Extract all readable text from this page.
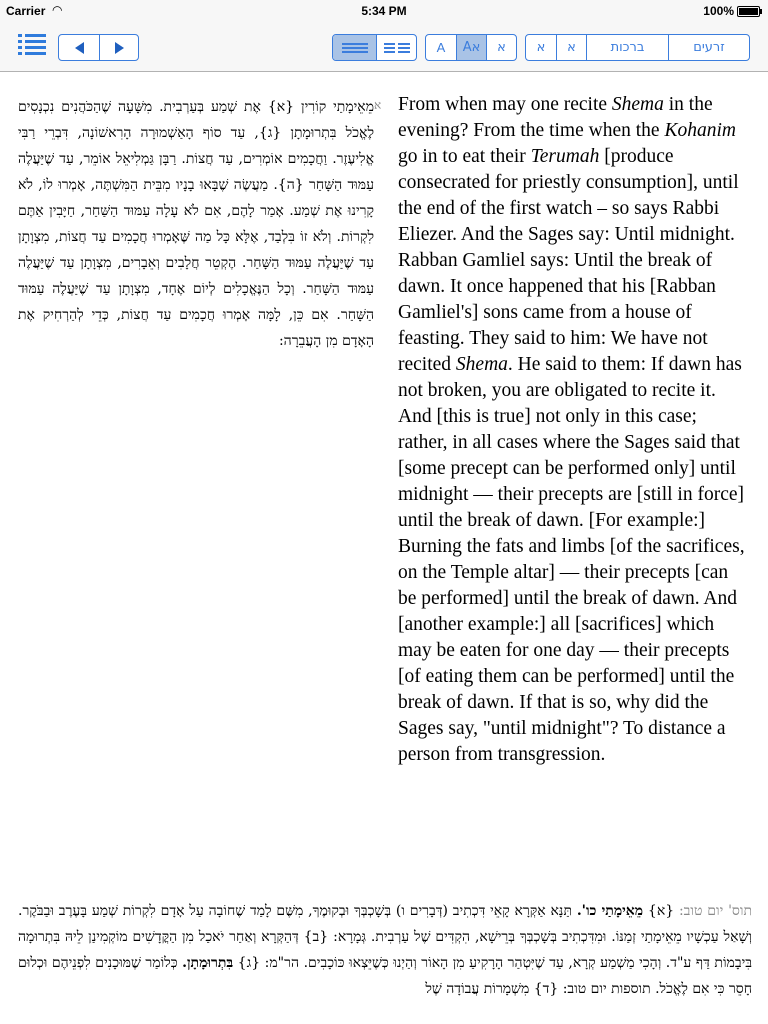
Carrier ◠	5:34 PM	100%
A	Aא	א	א	א	ברכות	זרעים
From when may one recite Shema in the evening? From the time when the Kohanim go in to eat their Terumah [produce consecrated for priestly consumption], until the end of the first watch – so says Rabbi Eliezer. And the Sages say: Until midnight. Rabban Gamliel says: Until the break of dawn. It once happened that his [Rabban Gamliel's] sons came from a house of feasting. They said to him: We have not recited Shema. He said to them: If dawn has not broken, you are obligated to recite it. And [this is true] not only in this case; rather, in all cases where the Sages said that [some precept can be performed only] until midnight — their precepts are [still in force] until the break of dawn. [For example:] Burning the fats and limbs [of the sacrifices, on the Temple altar] — their precepts [can be performed] until the break of dawn. And [another example:] all [sacrifices] which may be eaten for one day — their precepts [of eating them can be performed] until the break of dawn. If that is so, why did the Sages say, "until midnight"? To distance a person from transgression.
א
מֵאֵימָתַי קוֹרִין {א} אֶת שְׁמַע בְּעַרְבִית. מִשָּׁעָה שֶׁהַכֹּהֲנִים נִכְנָסִים לֶאֱכֹל בִּתְרוּמָתָן {ג}, עַד סוֹף הָאַשְׁמוּרָה הָרִאשׁוֹנָה, דִּבְרֵי רַבִּי אֱלִיעֶזֶר. וַחֲכָמִים אוֹמְרִים, עַד חֲצוֹת. רַבָּן גַּמְלִיאֵל אוֹמֵר, עַד שֶׁיַּעֲלֶה עַמּוּד הַשָּׁחַר {ה}. מַעֲשֶׂה שֶׁבָּאוּ בָנָיו מִבֵּית הַמִּשְׁתֶּה, אָמְרוּ לוֹ, לֹא קָרִינוּ אֶת שְׁמַע. אָמַר לָהֶם, אִם לֹא עָלָה עַמּוּד הַשַּׁחַר, חַיָּבִין אַתֶּם לִקְרוֹת. וְלֹא זוֹ בִּלְבַד, אֶלָּא כָּל מַה שֶּׁאָמְרוּ חֲכָמִים עַד חֲצוֹת, מִצְוָתָן עַד שֶׁיַּעֲלֶה עַמּוּד הַשָּׁחַר. הֶקְטֵר חֲלָבִים וְאֵבָרִים, מִצְוָתָן עַד שֶׁיַּעֲלֶה עַמּוּד הַשָּׁחַר. וְכָל הַנֶּאֱכָלִים לְיוֹם אֶחָד, מִצְוָתָן עַד שֶׁיַּעֲלֶה עַמּוּד הַשָּׁחַר. אִם כֵּן, לָמָּה אָמְרוּ חֲכָמִים עַד חֲצוֹת, כְּדֵי לְהַרְחִיק אֶת הָאָדָם מִן הָעֲבֵרָה:
תוס' יום טוב: {א} מֵאֵימָתַי כו'. תַּנָּא אַקְּרָא קָאֵי דִּכְתִיב (דְּבָרִים ו) בְּשָׁכְבְּךָ וּבְקוּמֶךָ, מִשֶּׁם לָמַד שֶׁחוֹבָה עַל אָדָם לִקְרוֹת שְׁמַע בָּעֶרֶב וּבַבֹּקֶר. וְשָׁאַל עַכְשָׁיו מֵאֵימָתַי זְמַנּוֹ. וּמִדִּכְתִיב בְּשָׁכְבְּךָ בְּרֵישָׁא, הִקְדִּים שֶׁל עַרְבִית. גְּמָרָא: {ב} דְּהַקְּרָא וְאַחַר יֹאכַל מִן הַקֳּדָשִׁים מוֹקְמִינַן לֵיהּ בִּתְרוּמָה בִּיבָמוֹת דַּף ע"ד. וְהָכִי מַשְׁמַע קְרָא, עַד שֶׁיִּטְהַר הָרָקִיעַ מִן הָאוֹר וְהַיְנוּ כְּשֶׁיֵּצְאוּ כּוֹכָבִים. הר"מ: {ג} בִּתְרוּמָתָן. כְּלוֹמַר שֶׁמּוּכָנִים לִפְנֵיהֶם וּכְלוּם חָסֵר כִּי אִם לֶאֱכֹל. תוספות יום טוב: {ד} מִשְׁמָרוֹת עֲבוֹדָה שֶׁל
